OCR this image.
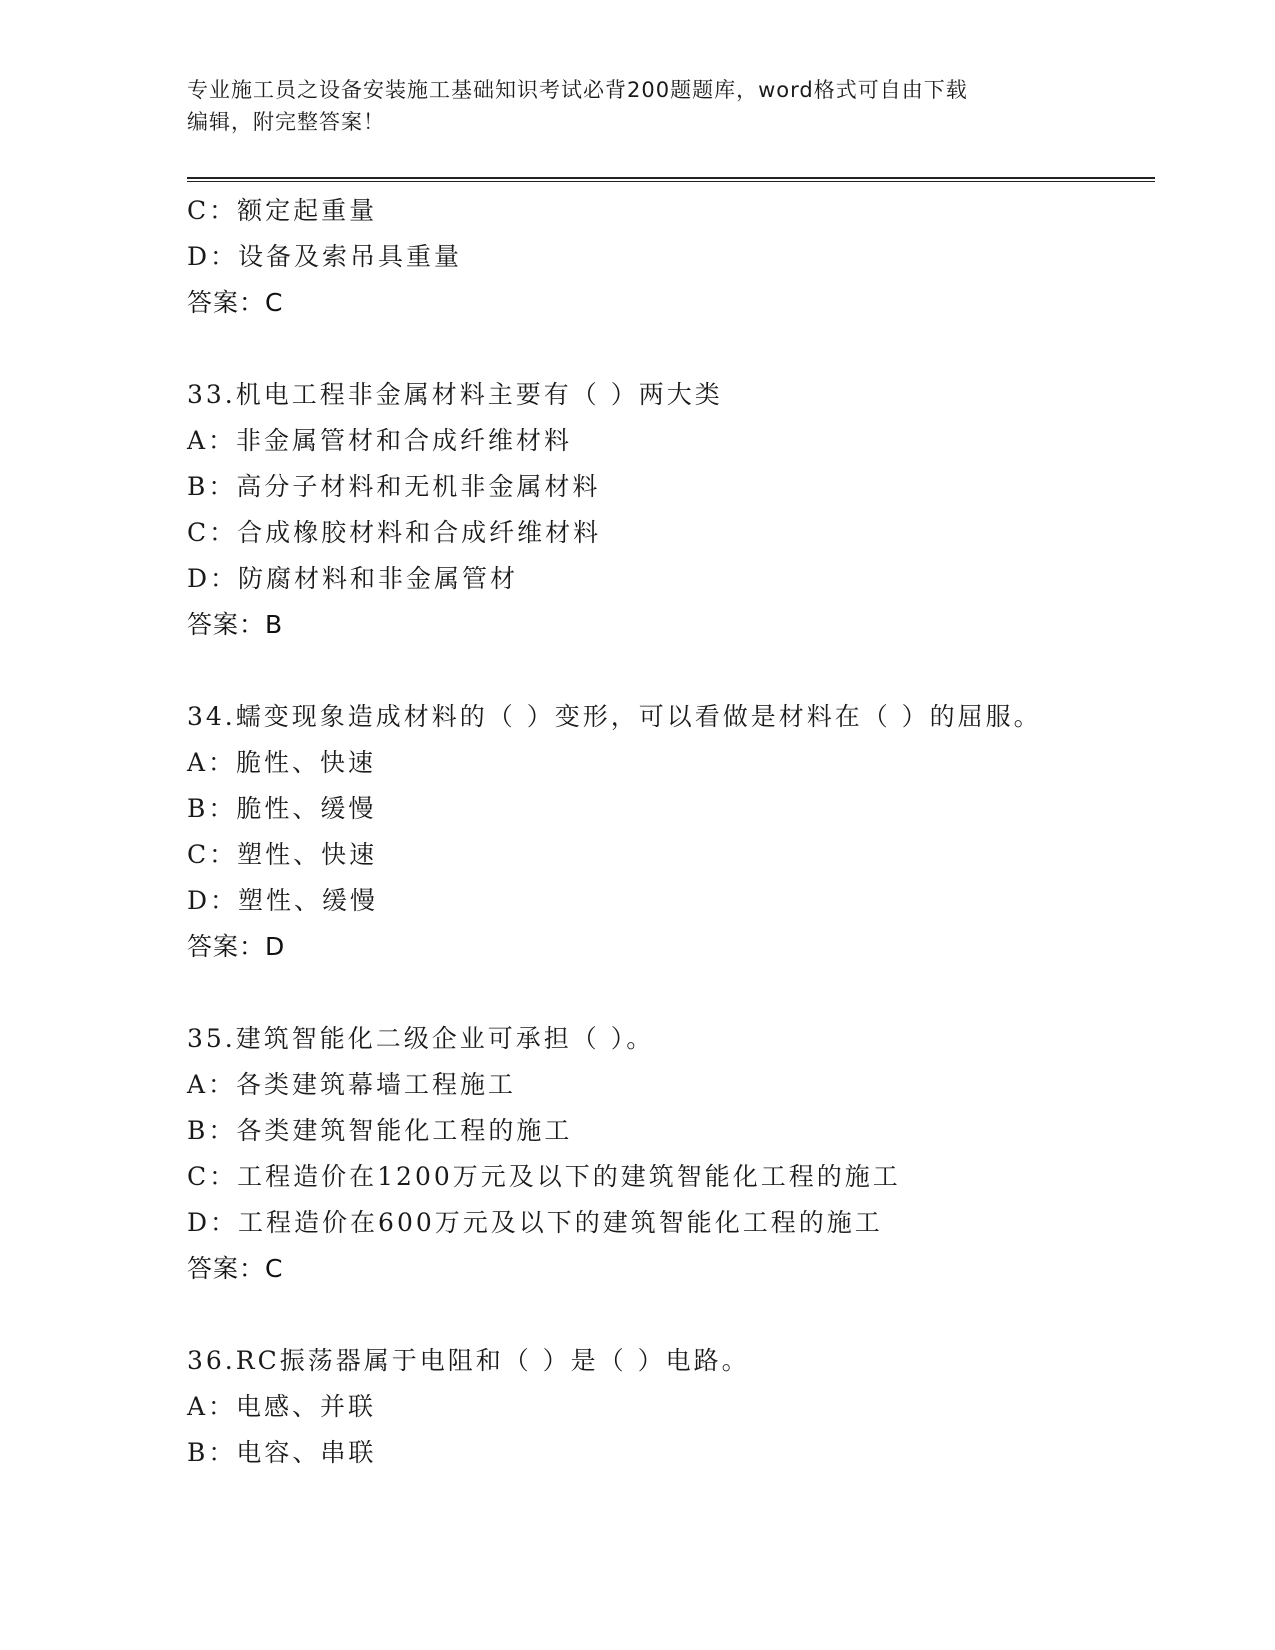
专业施工员之设备安装施工基础知识考试必背200题题库，word格式可自由下载
编辑，附完整答案！
C：额定起重量
D：设备及索吊具重量
答案：C
33.机电工程非金属材料主要有（ ）两大类
A：非金属管材和合成纤维材料
B：高分子材料和无机非金属材料
C：合成橡胶材料和合成纤维材料
D：防腐材料和非金属管材
答案：B
34.蠕变现象造成材料的（ ）变形，可以看做是材料在（ ）的屈服。
A：脆性、快速
B：脆性、缓慢
C：塑性、快速
D：塑性、缓慢
答案：D
35.建筑智能化二级企业可承担（ ）。
A：各类建筑幕墙工程施工
B：各类建筑智能化工程的施工
C：工程造价在1200万元及以下的建筑智能化工程的施工
D：工程造价在600万元及以下的建筑智能化工程的施工
答案：C
36.RC振荡器属于电阻和（ ）是（ ）电路。
A：电感、并联
B：电容、串联
